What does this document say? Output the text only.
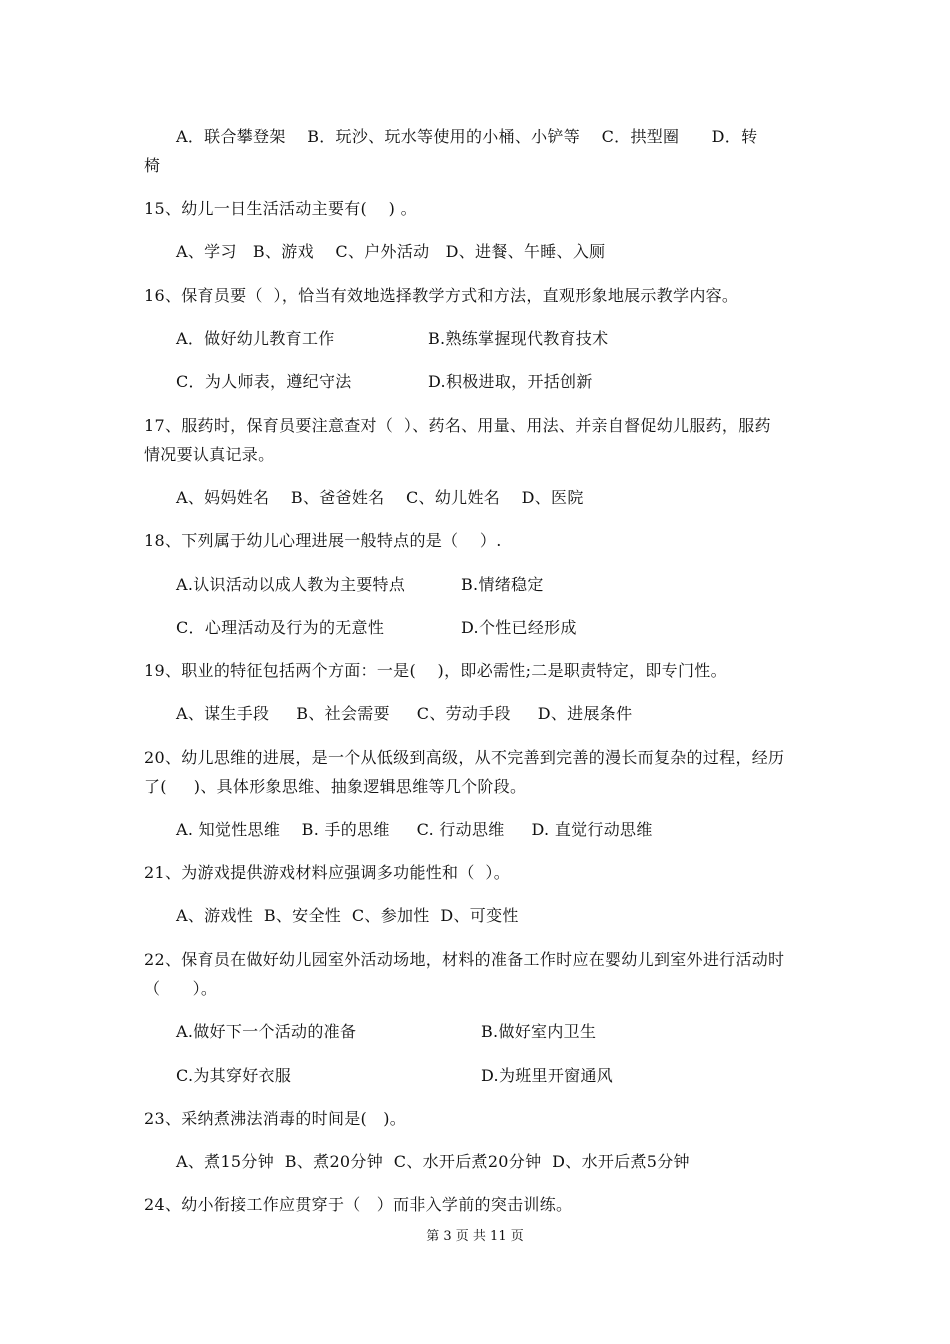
A．联合攀登架    B．玩沙、玩水等使用的小桶、小铲等    C．拱型圈      D．转
椅
15、幼儿一日生活活动主要有(    ) 。
A、学习   B、游戏    C、户外活动   D、进餐、午睡、入厕
16、保育员要（  ），恰当有效地选择教学方式和方法，直观形象地展示教学内容。
A．做好幼儿教育工作	B.熟练掌握现代教育技术
C．为人师表，遵纪守法	D.积极进取，开括创新
17、服药时，保育员要注意查对（  ）、药名、用量、用法、并亲自督促幼儿服药，服药
情况要认真记录。
A、妈妈姓名    B、爸爸姓名    C、幼儿姓名    D、医院
18、下列属于幼儿心理进展一般特点的是（    ）.
A.认识活动以成人教为主要特点	B.情绪稳定
C．心理活动及行为的无意性	D.个性已经形成
19、职业的特征包括两个方面：一是(    )，即必需性;二是职责特定，即专门性。
A、谋生手段     B、社会需要     C、劳动手段     D、进展条件
20、幼儿思维的进展，是一个从低级到高级，从不完善到完善的漫长而复杂的过程，经历
了(     )、具体形象思维、抽象逻辑思维等几个阶段。
A. 知觉性思维    B. 手的思维     C. 行动思维     D. 直觉行动思维
21、为游戏提供游戏材料应强调多功能性和（  ）。
A、游戏性  B、安全性  C、参加性  D、可变性
22、保育员在做好幼儿园室外活动场地，材料的准备工作时应在婴幼儿到室外进行活动时
（      ）。
A.做好下一个活动的准备	B.做好室内卫生
C.为其穿好衣服	D.为班里开窗通风
23、采纳煮沸法消毒的时间是(   )。
A、煮15分钟  B、煮20分钟  C、水开后煮20分钟  D、水开后煮5分钟
24、幼小衔接工作应贯穿于（   ）而非入学前的突击训练。
第 3 页 共 11 页
